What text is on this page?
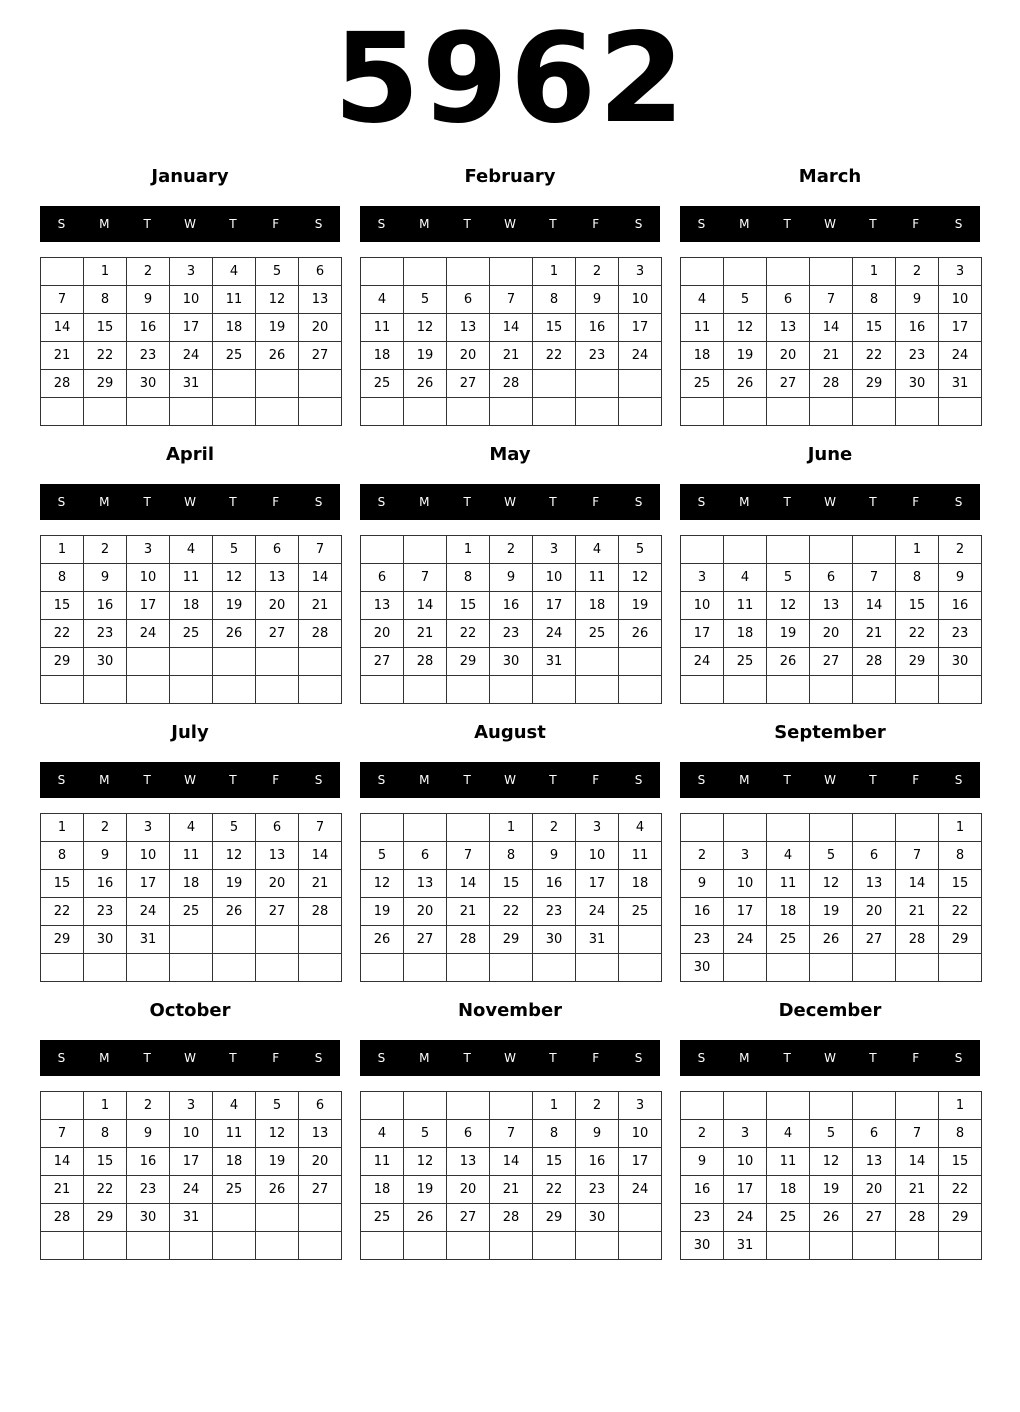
5962
January
S	M	T	W	T	F	S
	1	2	3	4	5	6
7	8	9	10	11	12	13
14	15	16	17	18	19	20
21	22	23	24	25	26	27
28	29	30	31			

February
S	M	T	W	T	F	S
				1	2	3
4	5	6	7	8	9	10
11	12	13	14	15	16	17
18	19	20	21	22	23	24
25	26	27	28			

March
S	M	T	W	T	F	S
				1	2	3
4	5	6	7	8	9	10
11	12	13	14	15	16	17
18	19	20	21	22	23	24
25	26	27	28	29	30	31

April
S	M	T	W	T	F	S
1	2	3	4	5	6	7
8	9	10	11	12	13	14
15	16	17	18	19	20	21
22	23	24	25	26	27	28
29	30					

May
S	M	T	W	T	F	S
		1	2	3	4	5
6	7	8	9	10	11	12
13	14	15	16	17	18	19
20	21	22	23	24	25	26
27	28	29	30	31		

June
S	M	T	W	T	F	S
					1	2
3	4	5	6	7	8	9
10	11	12	13	14	15	16
17	18	19	20	21	22	23
24	25	26	27	28	29	30

July
S	M	T	W	T	F	S
1	2	3	4	5	6	7
8	9	10	11	12	13	14
15	16	17	18	19	20	21
22	23	24	25	26	27	28
29	30	31				

August
S	M	T	W	T	F	S
			1	2	3	4
5	6	7	8	9	10	11
12	13	14	15	16	17	18
19	20	21	22	23	24	25
26	27	28	29	30	31	

September
S	M	T	W	T	F	S
						1
2	3	4	5	6	7	8
9	10	11	12	13	14	15
16	17	18	19	20	21	22
23	24	25	26	27	28	29
30						
October
S	M	T	W	T	F	S
	1	2	3	4	5	6
7	8	9	10	11	12	13
14	15	16	17	18	19	20
21	22	23	24	25	26	27
28	29	30	31			

November
S	M	T	W	T	F	S
				1	2	3
4	5	6	7	8	9	10
11	12	13	14	15	16	17
18	19	20	21	22	23	24
25	26	27	28	29	30	

December
S	M	T	W	T	F	S
						1
2	3	4	5	6	7	8
9	10	11	12	13	14	15
16	17	18	19	20	21	22
23	24	25	26	27	28	29
30	31					
